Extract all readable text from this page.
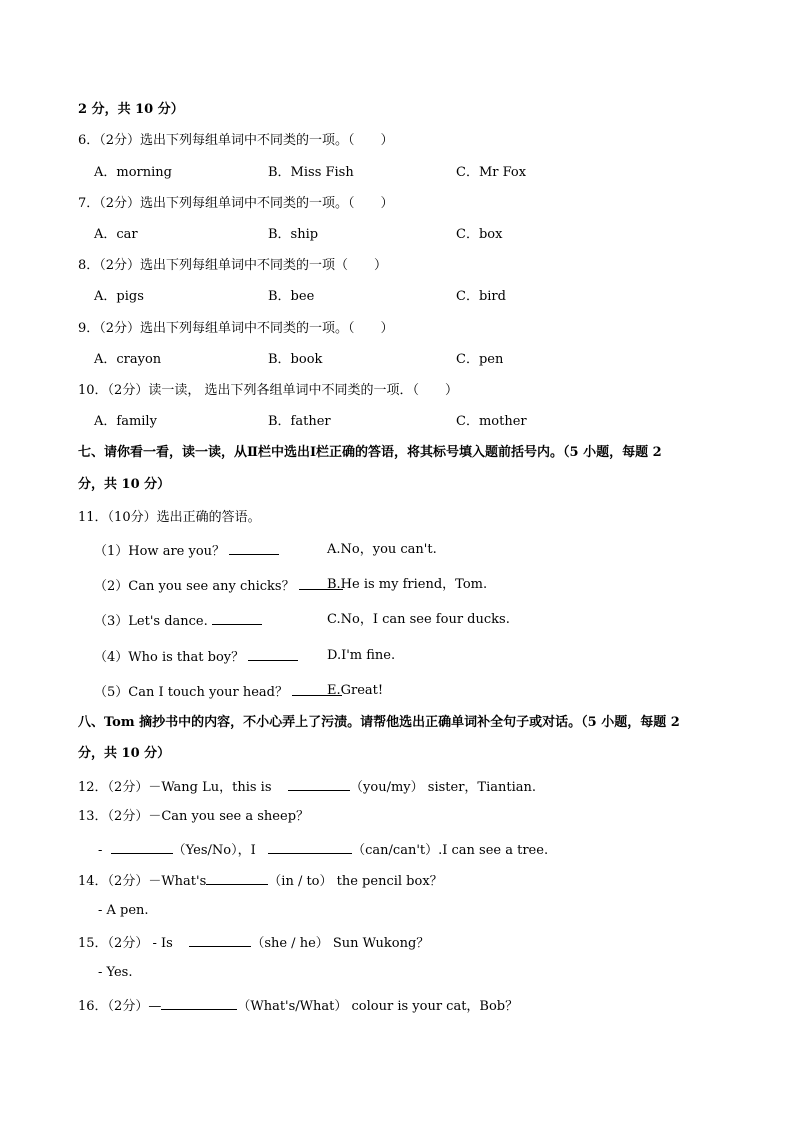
2 分，共 10 分）
6．（2分）选出下列每组单词中不同类的一项。（　　）
A．morning	B．Miss Fish	C．Mr Fox
7．（2分）选出下列每组单词中不同类的一项。（　　）
A．car	B．ship	C．box
8．（2分）选出下列每组单词中不同类的一项（　　）
A．pigs	B．bee	C．bird
9．（2分）选出下列每组单词中不同类的一项。（　　）
A．crayon	B．book	C．pen
10．（2分）读一读， 选出下列各组单词中不同类的一项．（　　）
A．family	B．father	C．mother
七、请你看一看，读一读，从Ⅱ栏中选出Ⅰ栏正确的答语，将其标号填入题前括号内。（5 小题，每题 2
分，共 10 分）
11．（10分）选出正确的答语。
（1）How are you？	A.No，you can't.
（2）Can you see any chicks？	B.He is my friend，Tom.
（3）Let's dance.	C.No，I can see four ducks.
（4）Who is that boy？	D.I'm fine.
（5）Can I touch your head？	E.Great!
八、Tom 摘抄书中的内容，不小心弄上了污渍。请帮他选出正确单词补全句子或对话。（5 小题，每题 2
分，共 10 分）
12．（2分）－Wang Lu，this is	（you/my） sister，Tiantian.
13．（2分）－Can you see a sheep？
-	（Yes/No），I	（can/can't）.I can see a tree.
14．（2分）－What's	（in / to） the pencil box？
- A pen.
15．（2分） - Is	（she / he） Sun Wukong？
- Yes.
16．（2分）—	（What's/What） colour is your cat，Bob？
